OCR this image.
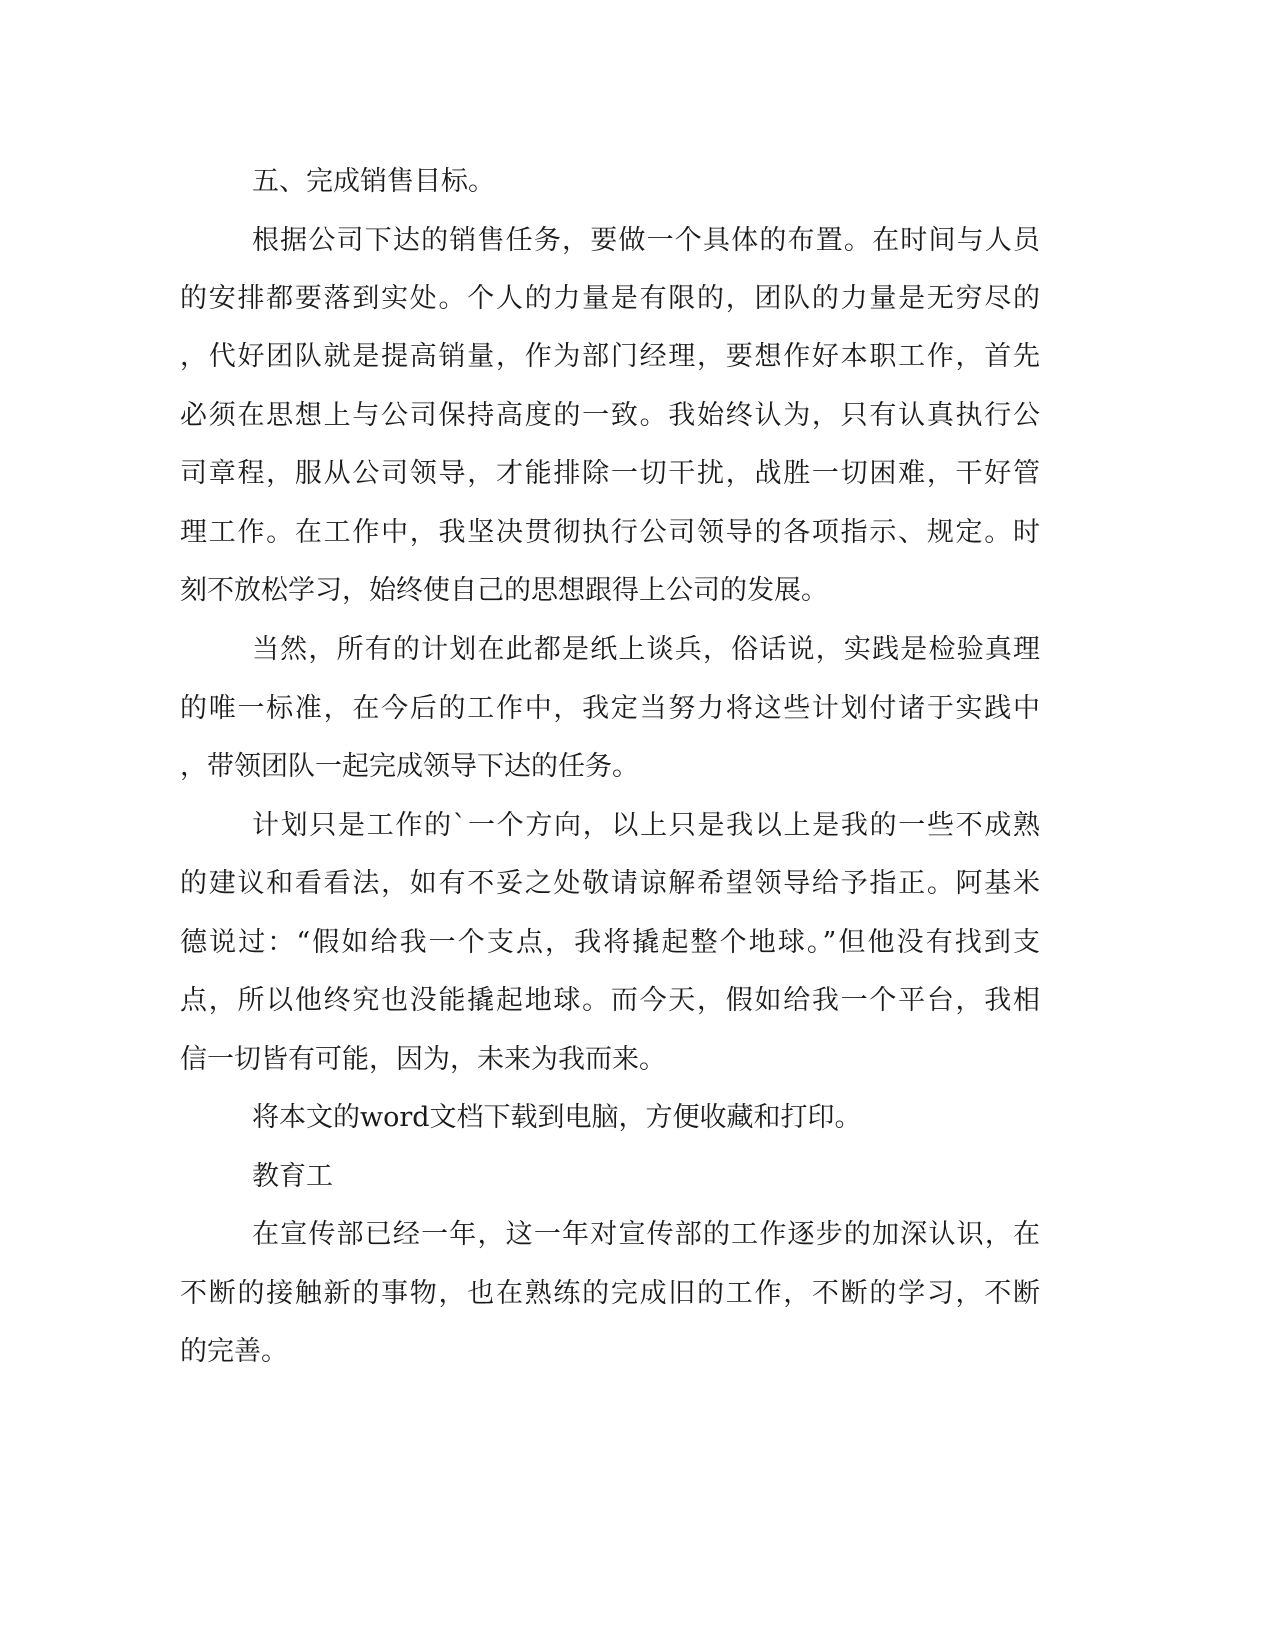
五、完成销售目标。
根据公司下达的销售任务，要做一个具体的布置。在时间与人员
的安排都要落到实处。个人的力量是有限的，团队的力量是无穷尽的
，代好团队就是提高销量，作为部门经理，要想作好本职工作，首先
必须在思想上与公司保持高度的一致。我始终认为，只有认真执行公
司章程，服从公司领导，才能排除一切干扰，战胜一切困难，干好管
理工作。在工作中，我坚决贯彻执行公司领导的各项指示、规定。时
刻不放松学习，始终使自己的思想跟得上公司的发展。
当然，所有的计划在此都是纸上谈兵，俗话说，实践是检验真理
的唯一标准，在今后的工作中，我定当努力将这些计划付诸于实践中
，带领团队一起完成领导下达的任务。
计划只是工作的`一个方向，以上只是我以上是我的一些不成熟
的建议和看看法，如有不妥之处敬请谅解希望领导给予指正。阿基米
德说过：“假如给我一个支点，我将撬起整个地球。”但他没有找到支
点，所以他终究也没能撬起地球。而今天，假如给我一个平台，我相
信一切皆有可能，因为，未来为我而来。
将本文的word文档下载到电脑，方便收藏和打印。
教育工
在宣传部已经一年，这一年对宣传部的工作逐步的加深认识，在
不断的接触新的事物，也在熟练的完成旧的工作，不断的学习，不断
的完善。
